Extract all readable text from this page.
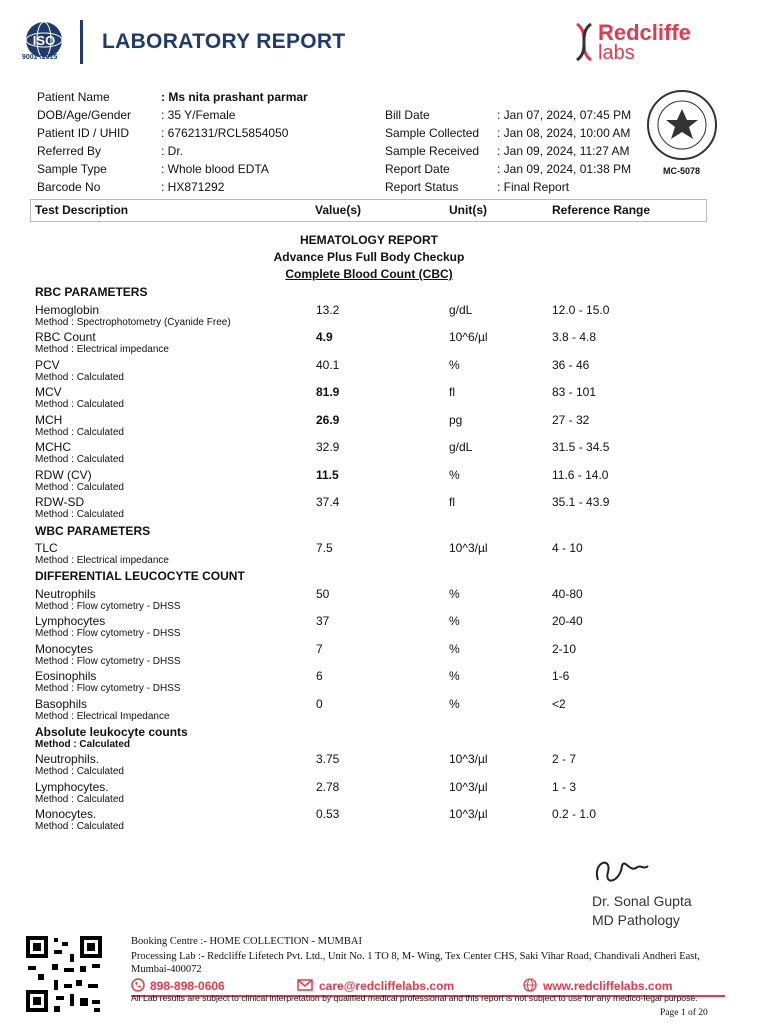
ISO
9001 :2015
LABORATORY REPORT	Redcliffe
labs
MC-5078
Patient Name	: Ms nita prashant parmar
DOB/Age/Gender : 35 Y/Female
Patient ID / UHID	: 6762131/RCL5854050
Referred By	: Dr.
Sample Type	: Whole blood EDTA
Barcode No	: HX871292
Bill Date	: Jan 07, 2024, 07:45 PM
Sample Collected : Jan 08, 2024, 10:00 AM
Sample Received : Jan 09, 2024, 11:27 AM
Report Date	: Jan 09, 2024, 01:38 PM
Report Status	: Final Report
Test Description	Value(s)	Unit(s)	Reference Range
HEMATOLOGY REPORT
Advance Plus Full Body Checkup
Complete Blood Count (CBC)
RBC PARAMETERS
WBC PARAMETERS
DIFFERENTIAL LEUCOCYTE COUNT
Absolute leukocyte counts
Method : Calculated
Hemoglobin
Method : Spectrophotometry (Cyanide Free)
13.2	g/dL	12.0 - 15.0
RBC Count
Method : Electrical impedance
4.9	10^6/µl	3.8 - 4.8
PCV
Method : Calculated
40.1	%	36 - 46
MCV
Method : Calculated
81.9	fl	83 - 101
MCH
Method : Calculated
26.9	pg	27 - 32
MCHC
Method : Calculated
32.9	g/dL	31.5 - 34.5
RDW (CV)
Method : Calculated
11.5	%	11.6 - 14.0
RDW-SD
Method : Calculated
37.4	fl	35.1 - 43.9
TLC
Method : Electrical impedance
7.5	10^3/µl	4 - 10
Neutrophils
Method : Flow cytometry - DHSS
50	%	40-80
Lymphocytes
Method : Flow cytometry - DHSS
37	%	20-40
Monocytes
Method : Flow cytometry - DHSS
7	%	2-10
Eosinophils
Method : Flow cytometry - DHSS
6	%	1-6
Basophils
Method : Electrical Impedance
0	%	<2
Neutrophils.
Method : Calculated
3.75	10^3/µl	2 - 7
Lymphocytes.
Method : Calculated
2.78	10^3/µl	1 - 3
Monocytes.
Method : Calculated
0.53	10^3/µl	0.2 - 1.0
Dr. Sonal Gupta
MD Pathology
Booking Centre :- HOME COLLECTION - MUMBAI
Processing Lab :- Redcliffe Lifetech Pvt. Ltd., Unit No. 1 TO 8, M- Wing, Tex Center CHS, Saki Vihar Road, Chandivali Andheri East, Mumbai-400072
898-898-0606	care@redcliffelabs.com	www.redcliffelabs.com
All Lab results are subject to clinical interpretation by qualified medical professional and this report is not subject to use for any medico-legal purpose.
Page 1 of 20
